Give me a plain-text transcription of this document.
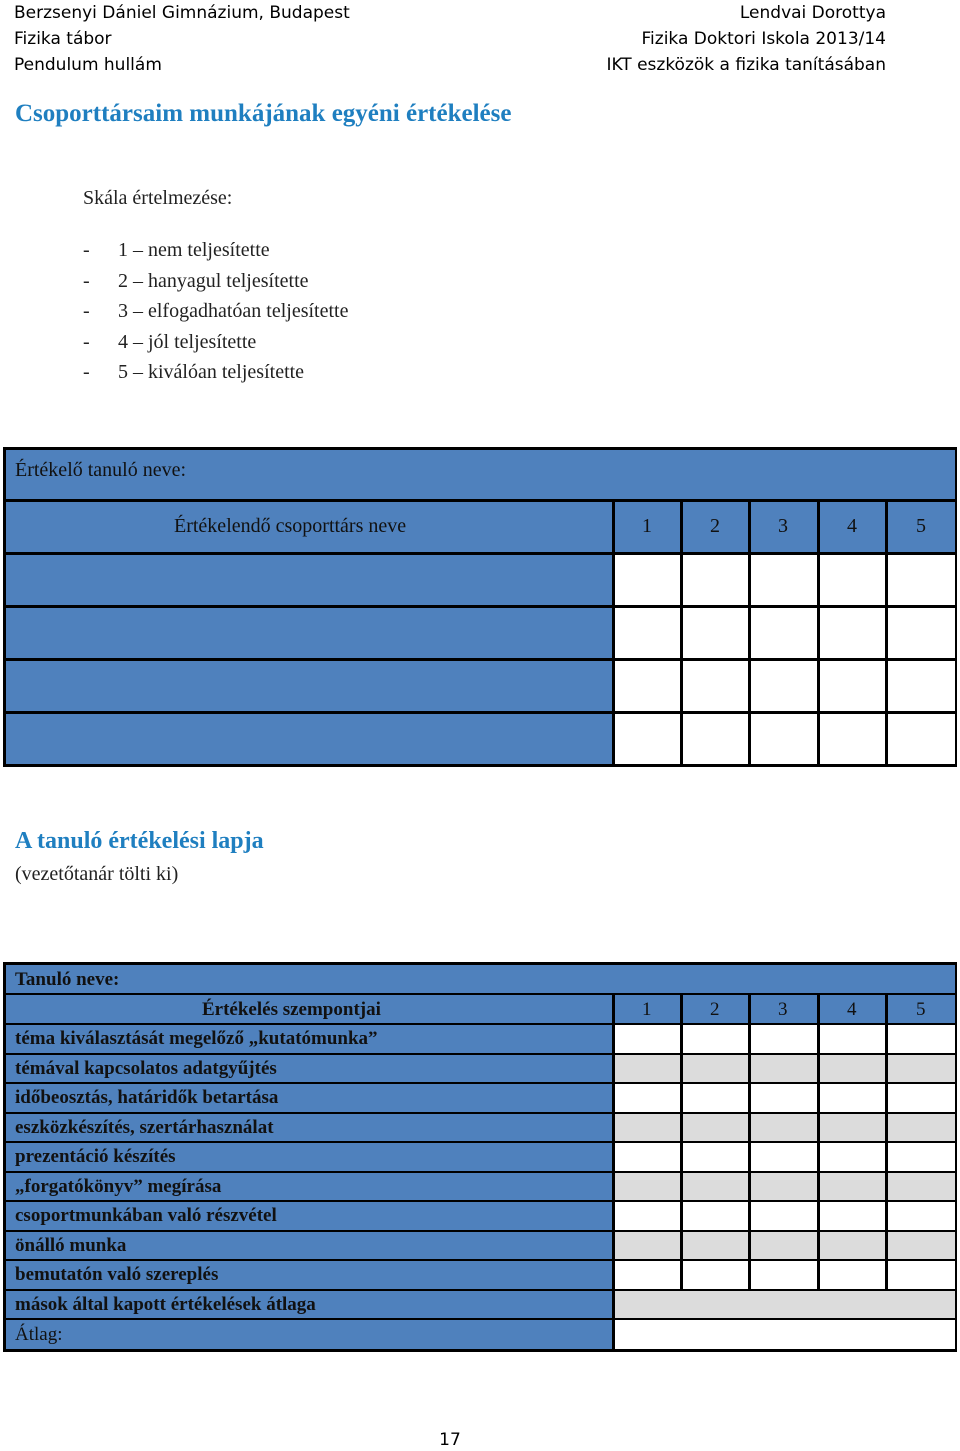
Berzsenyi Dániel Gimnázium, Budapest
Fizika tábor
Pendulum hullám
Lendvai Dorottya
Fizika Doktori Iskola 2013/14
IKT eszközök a fizika tanításában
Csoporttársaim munkájának egyéni értékelése
Skála értelmezése:
- 1 – nem teljesítette
- 2 – hanyagul teljesítette
- 3 – elfogadhatóan teljesítette
- 4 – jól teljesítette
- 5 – kiválóan teljesítette
Értékelő tanuló neve:
Értékelendő csoporttárs neve	1	2	3	4	5
A tanuló értékelési lapja
(vezetőtanár tölti ki)
Tanuló neve:
Értékelés szempontjai	1	2	3	4	5
téma kiválasztását megelőző „kutatómunka”
témával kapcsolatos adatgyűjtés
időbeosztás, határidők betartása
eszközkészítés, szertárhasználat
prezentáció készítés
„forgatókönyv” megírása
csoportmunkában való részvétel
önálló munka
bemutatón való szereplés
mások által kapott értékelések átlaga
Átlag:
17
